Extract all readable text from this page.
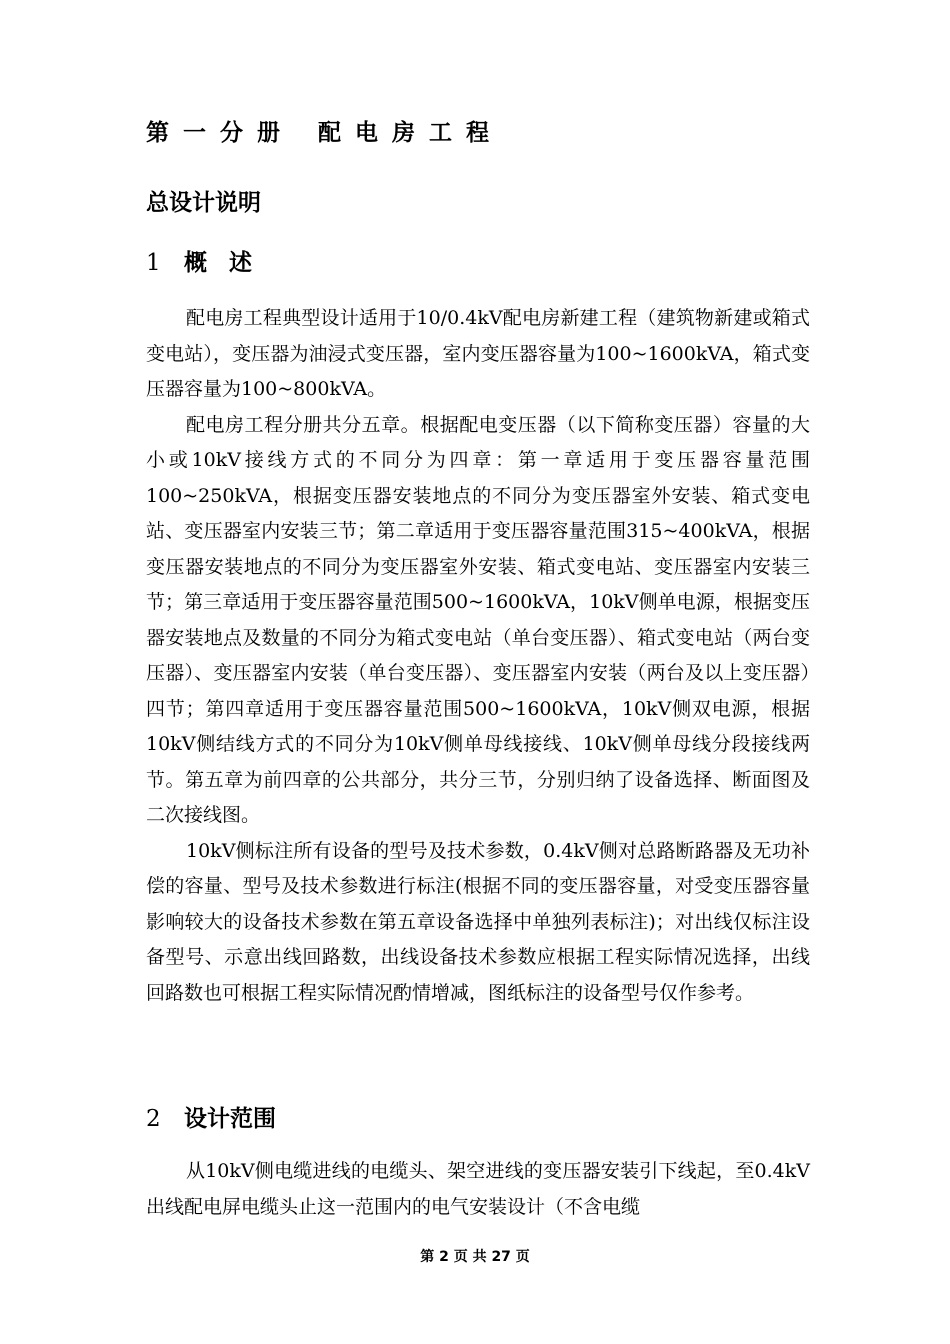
第一分册 配电房工程
总设计说明
1 概述

配电房工程典型设计适用于10/0.4kV配电房新建工程（建筑物新建或箱式变电站），变压器为油浸式变压器，室内变压器容量为100~1600kVA，箱式变压器容量为100~800kVA。

配电房工程分册共分五章。根据配电变压器（以下简称变压器）容量的大小或10kV接线方式的不同分为四章：第一章适用于变压器容量范围100~250kVA，根据变压器安装地点的不同分为变压器室外安装、箱式变电站、变压器室内安装三节；第二章适用于变压器容量范围315~400kVA，根据变压器安装地点的不同分为变压器室外安装、箱式变电站、变压器室内安装三节；第三章适用于变压器容量范围500~1600kVA，10kV侧单电源，根据变压器安装地点及数量的不同分为箱式变电站（单台变压器）、箱式变电站（两台变压器）、变压器室内安装（单台变压器）、变压器室内安装（两台及以上变压器）四节；第四章适用于变压器容量范围500~1600kVA，10kV侧双电源，根据10kV侧结线方式的不同分为10kV侧单母线接线、10kV侧单母线分段接线两节。第五章为前四章的公共部分，共分三节，分别归纳了设备选择、断面图及二次接线图。

10kV侧标注所有设备的型号及技术参数，0.4kV侧对总路断路器及无功补偿的容量、型号及技术参数进行标注(根据不同的变压器容量，对受变压器容量影响较大的设备技术参数在第五章设备选择中单独列表标注)；对出线仅标注设备型号、示意出线回路数，出线设备技术参数应根据工程实际情况选择，出线回路数也可根据工程实际情况酌情增减，图纸标注的设备型号仅作参考。

2 设计范围

从10kV侧电缆进线的电缆头、架空进线的变压器安装引下线起，至0.4kV出线配电屏电缆头止这一范围内的电气安装设计（不含电缆

第 2 页 共 27 页
